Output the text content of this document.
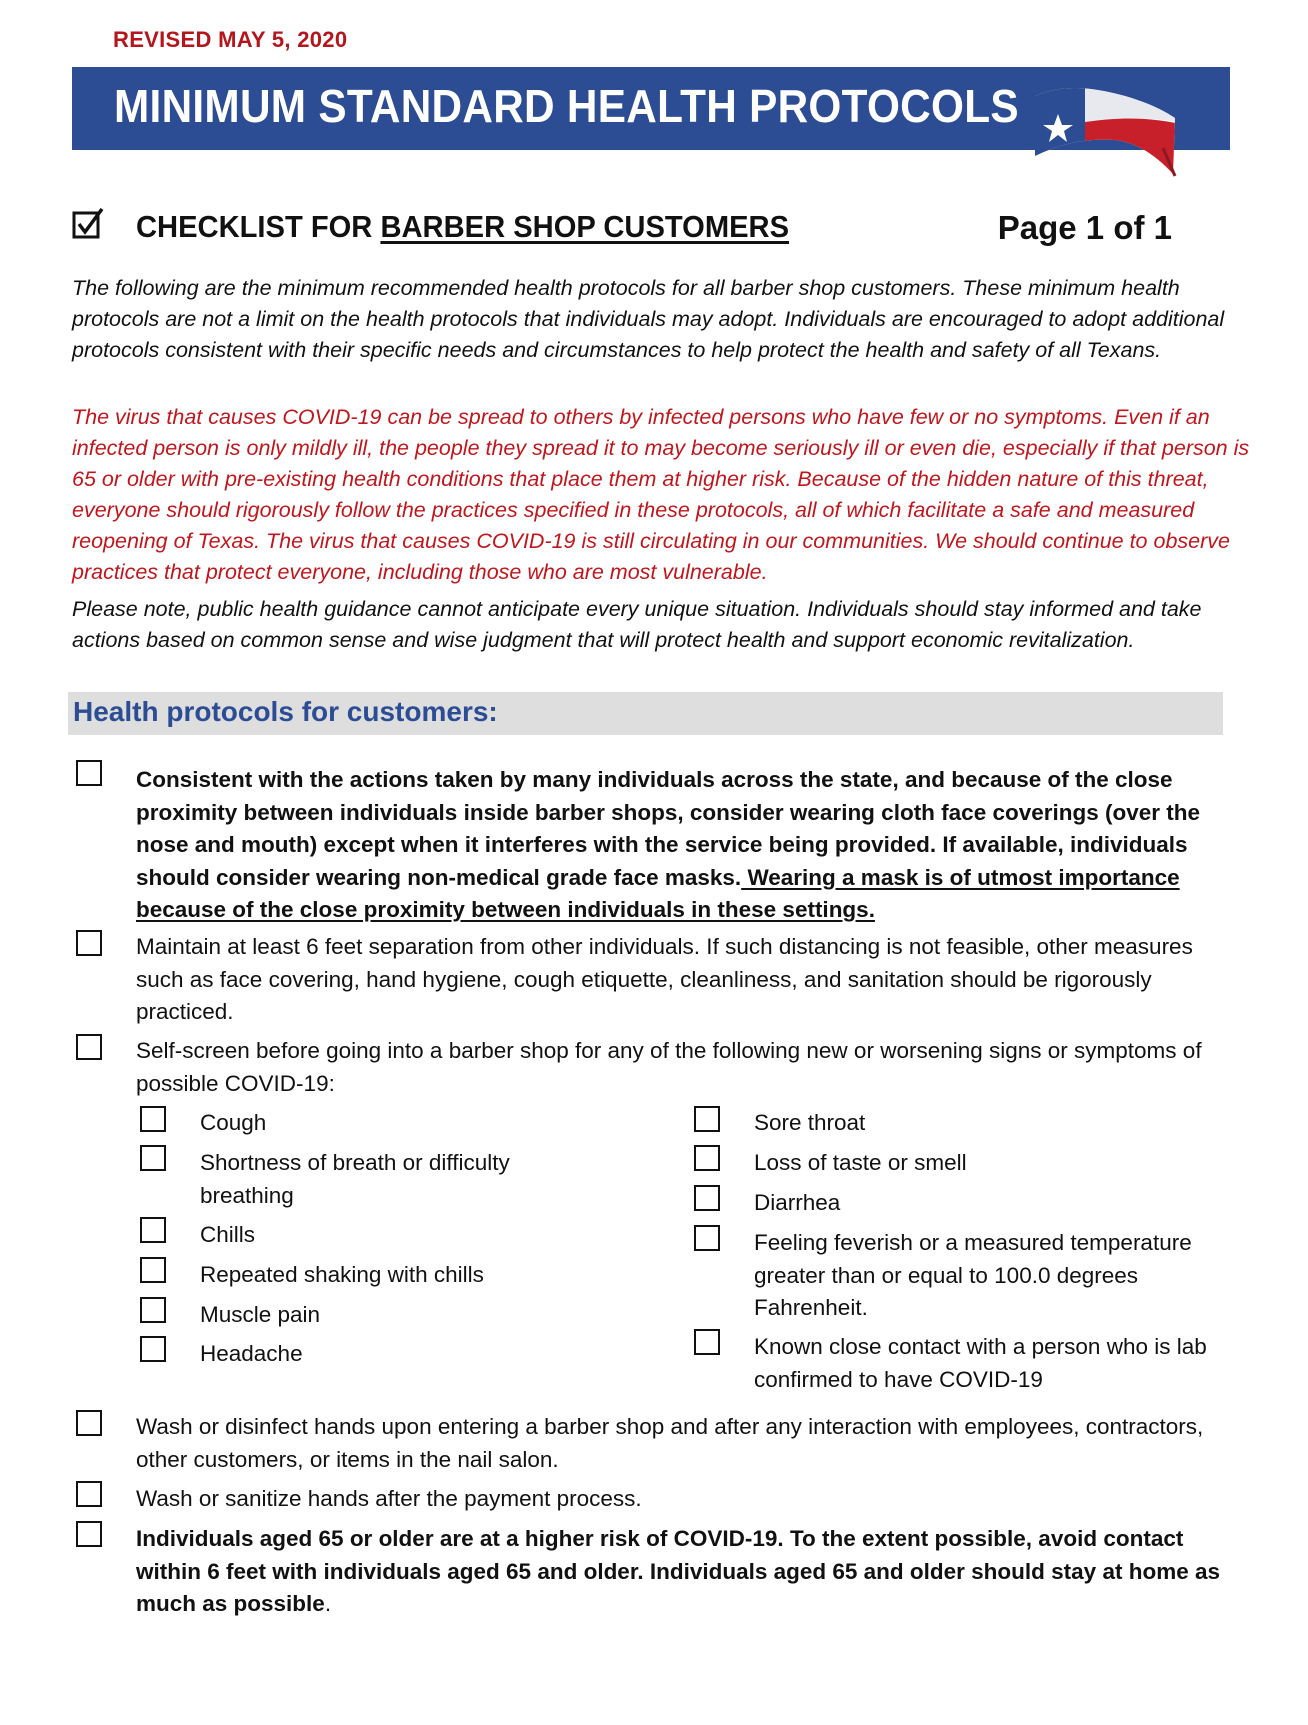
REVISED MAY 5, 2020
MINIMUM STANDARD HEALTH PROTOCOLS
CHECKLIST FOR BARBER SHOP CUSTOMERS	Page 1 of 1

The following are the minimum recommended health protocols for all barber shop customers. These minimum health protocols are not a limit on the health protocols that individuals may adopt. Individuals are encouraged to adopt additional protocols consistent with their specific needs and circumstances to help protect the health and safety of all Texans.

The virus that causes COVID-19 can be spread to others by infected persons who have few or no symptoms. Even if an infected person is only mildly ill, the people they spread it to may become seriously ill or even die, especially if that person is 65 or older with pre-existing health conditions that place them at higher risk. Because of the hidden nature of this threat, everyone should rigorously follow the practices specified in these protocols, all of which facilitate a safe and measured reopening of Texas. The virus that causes COVID-19 is still circulating in our communities. We should continue to observe practices that protect everyone, including those who are most vulnerable.

Please note, public health guidance cannot anticipate every unique situation. Individuals should stay informed and take actions based on common sense and wise judgment that will protect health and support economic revitalization.

Health protocols for customers:

Consistent with the actions taken by many individuals across the state, and because of the close proximity between individuals inside barber shops, consider wearing cloth face coverings (over the nose and mouth) except when it interferes with the service being provided. If available, individuals should consider wearing non-medical grade face masks. Wearing a mask is of utmost importance because of the close proximity between individuals in these settings.

Maintain at least 6 feet separation from other individuals. If such distancing is not feasible, other measures such as face covering, hand hygiene, cough etiquette, cleanliness, and sanitation should be rigorously practiced.

Self-screen before going into a barber shop for any of the following new or worsening signs or symptoms of possible COVID-19:

Cough

Shortness of breath or difficulty breathing

Chills

Repeated shaking with chills

Muscle pain

Headache

Sore throat

Loss of taste or smell

Diarrhea

Feeling feverish or a measured temperature greater than or equal to 100.0 degrees Fahrenheit.

Known close contact with a person who is lab confirmed to have COVID-19

Wash or disinfect hands upon entering a barber shop and after any interaction with employees, contractors, other customers, or items in the nail salon.

Wash or sanitize hands after the payment process.

Individuals aged 65 or older are at a higher risk of COVID-19. To the extent possible, avoid contact within 6 feet with individuals aged 65 and older. Individuals aged 65 and older should stay at home as much as possible.
